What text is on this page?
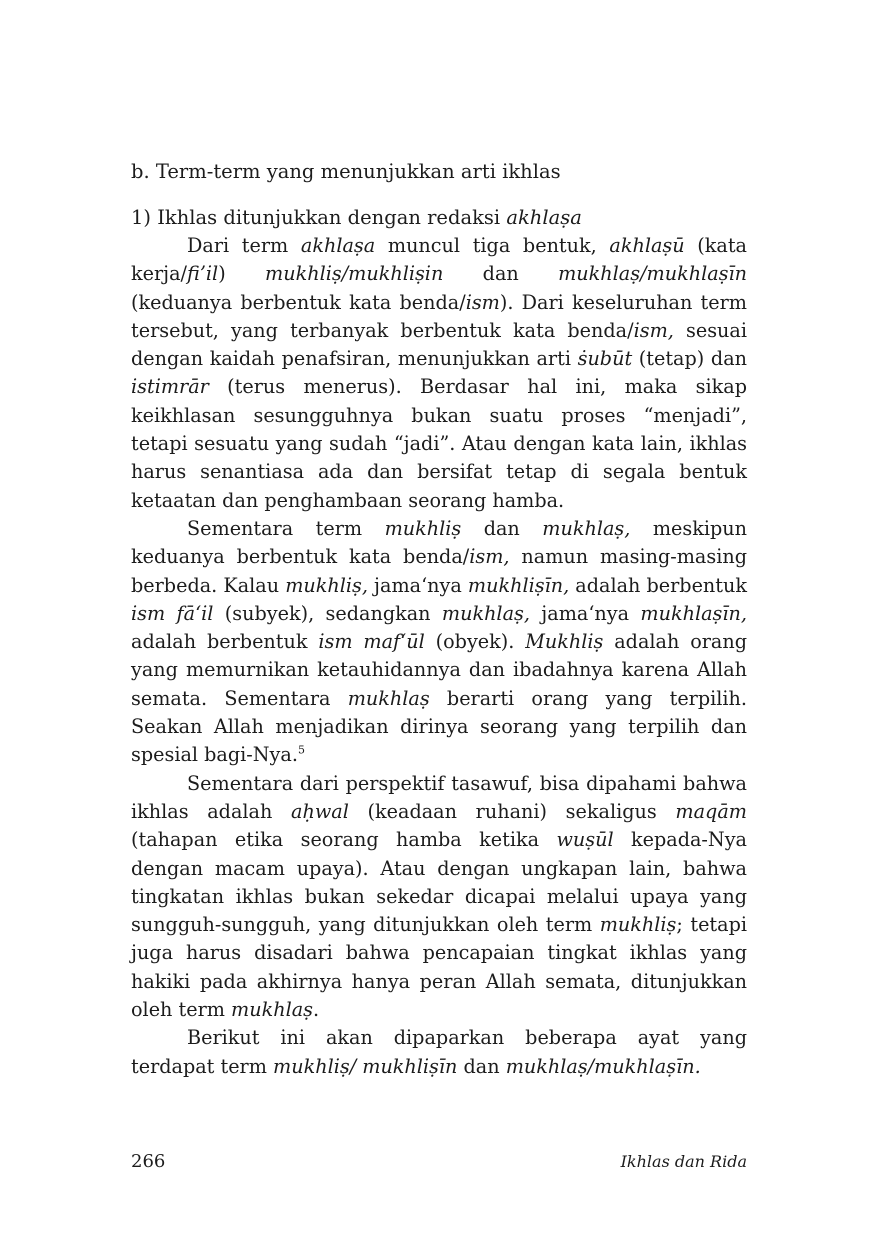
b. Term-term yang menunjukkan arti ikhlas
1) Ikhlas ditunjukkan dengan redaksi akhlaṣa

Dari term akhlaṣa muncul tiga bentuk, akhlaṣū (kata kerja/fi’il) mukhliṣ/mukhliṣin dan mukhlaṣ/mukhlaṣīn (keduanya berbentuk kata benda/ism). Dari keseluruhan term tersebut, yang terbanyak berbentuk kata benda/ism, sesuai dengan kaidah penafsiran, menunjukkan arti ṡubūt (tetap) dan istimrār (terus menerus). Berdasar hal ini, maka sikap keikhlasan sesungguhnya bukan suatu proses “menjadi”, tetapi sesuatu yang sudah “jadi”. Atau dengan kata lain, ikhlas harus senantiasa ada dan bersifat tetap di segala bentuk ketaatan dan penghambaan seorang hamba.

Sementara term mukhliṣ dan mukhlaṣ, meskipun keduanya berbentuk kata benda/ism, namun masing-masing berbeda. Kalau mukhliṣ, jama‘nya mukhliṣīn, adalah berbentuk ism fā‘il (subyek), sedangkan mukhlaṣ, jama‘nya mukhlaṣīn, adalah berbentuk ism maf‘ūl (obyek). Mukhliṣ adalah orang yang memurnikan ketauhidannya dan ibadahnya karena Allah semata. Sementara mukhlaṣ berarti orang yang terpilih. Seakan Allah menjadikan dirinya seorang yang terpilih dan spesial bagi-Nya.$^5$

Sementara dari perspektif tasawuf, bisa dipahami bahwa ikhlas adalah aḥwal (keadaan ruhani) sekaligus maqām (tahapan etika seorang hamba ketika wuṣūl kepada-Nya dengan macam upaya). Atau dengan ungkapan lain, bahwa tingkatan ikhlas bukan sekedar dicapai melalui upaya yang sungguh-sungguh, yang ditunjukkan oleh term mukhliṣ; tetapi juga harus disadari bahwa pencapaian tingkat ikhlas yang hakiki pada akhirnya hanya peran Allah semata, ditunjukkan oleh term mukhlaṣ.

Berikut ini akan dipaparkan beberapa ayat yang terdapat term mukhliṣ/ mukhliṣīn dan mukhlaṣ/mukhlaṣīn.

266	Ikhlas dan Rida
